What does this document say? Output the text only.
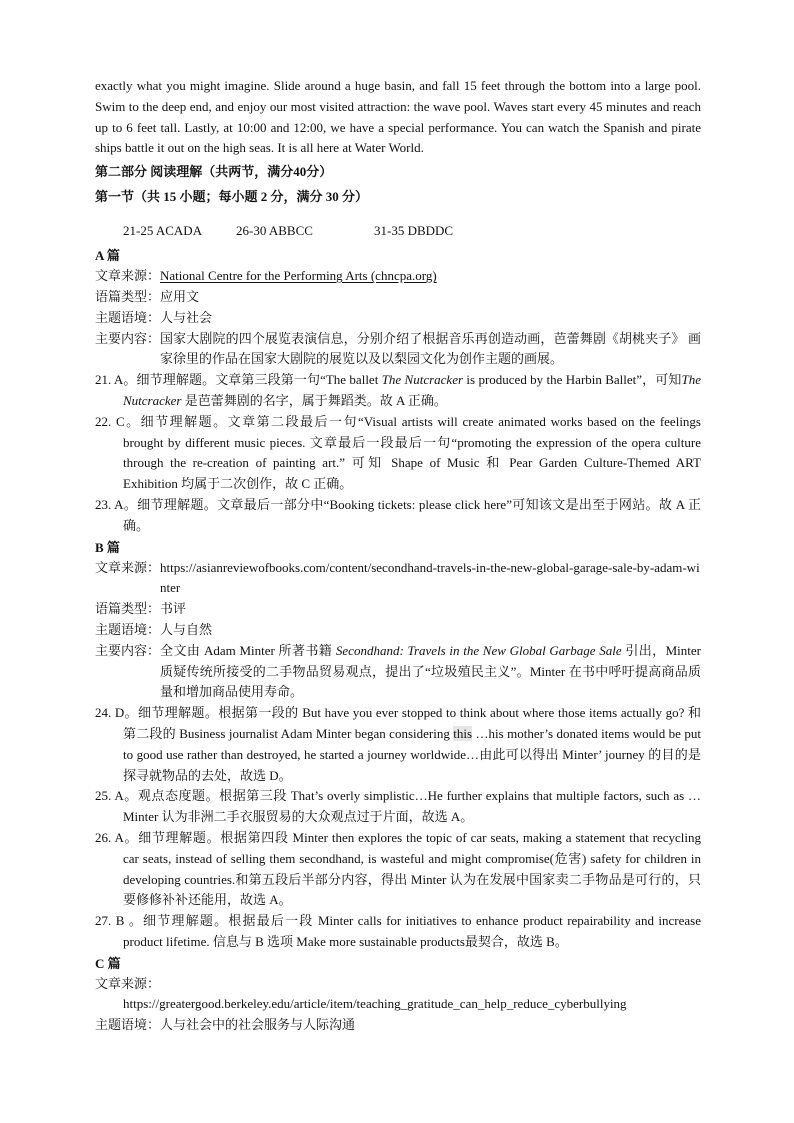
exactly what you might imagine. Slide around a huge basin, and fall 15 feet through the bottom into a large pool. Swim to the deep end, and enjoy our most visited attraction: the wave pool. Waves start every 45 minutes and reach up to 6 feet tall. Lastly, at 10:00 and 12:00, we have a special performance. You can watch the Spanish and pirate ships battle it out on the high seas. It is all here at Water World.

第二部分 阅读理解（共两节，满分40分）

第一节（共 15 小题；每小题 2 分，满分 30 分）

21-25 ACADA	26-30 ABBCC	31-35 DBDDC

A 篇

文章来源： National Centre for the Performing Arts (chncpa.org)
语篇类型： 应用文
主题语境： 人与社会
主要内容： 国家大剧院的四个展览表演信息，分别介绍了根据音乐再创造动画，芭蕾舞剧《胡桃夹子》 画家徐里的作品在国家大剧院的展览以及以梨园文化为创作主题的画展。

21. A。细节理解题。文章第三段第一句“The ballet The Nutcracker is produced by the Harbin Ballet”，可知The Nutcracker 是芭蕾舞剧的名字，属于舞蹈类。故 A 正确。

22. C。细节理解题。文章第二段最后一句“Visual artists will create animated works based on the feelings brought by different music pieces. 文章最后一段最后一句“promoting the expression of the opera culture through the re-creation of painting art.” 可知 Shape of Music 和 Pear Garden Culture-Themed ART Exhibition 均属于二次创作，故 C 正确。

23. A。细节理解题。文章最后一部分中“Booking tickets: please click here”可知该文是出至于网站。故 A 正确。

B 篇

文章来源： https://asianreviewofbooks.com/content/secondhand-travels-in-the-new-global-garage-sale-by-adam-winter
语篇类型： 书评
主题语境： 人与自然
主要内容： 全文由 Adam Minter 所著书籍 Secondhand: Travels in the New Global Garbage Sale 引出，Minter 质疑传统所接受的二手物品贸易观点，提出了“垃圾殖民主义”。Minter 在书中呼吁提高商品质量和增加商品使用寿命。

24. D。细节理解题。根据第一段的 But have you ever stopped to think about where those items actually go? 和第二段的 Business journalist Adam Minter began considering this …his mother’s donated items would be put to good use rather than destroyed, he started a journey worldwide…由此可以得出 Minter’ journey 的目的是探寻就物品的去处，故选 D。

25. A。观点态度题。根据第三段 That’s overly simplistic…He further explains that multiple factors, such as …Minter 认为非洲二手衣服贸易的大众观点过于片面，故选 A。

26. A。细节理解题。根据第四段 Minter then explores the topic of car seats, making a statement that recycling car seats, instead of selling them secondhand, is wasteful and might compromise(危害) safety for children in developing countries.和第五段后半部分内容，得出 Minter 认为在发展中国家卖二手物品是可行的，只要修修补补还能用，故选 A。

27. B 。细节理解题。根据最后一段 Minter calls for initiatives to enhance product repairability and increase product lifetime. 信息与 B 选项 Make more sustainable products最契合，故选 B。

C 篇

文章来源：

https://greatergood.berkeley.edu/article/item/teaching_gratitude_can_help_reduce_cyberbullying

主题语境： 人与社会中的社会服务与人际沟通
